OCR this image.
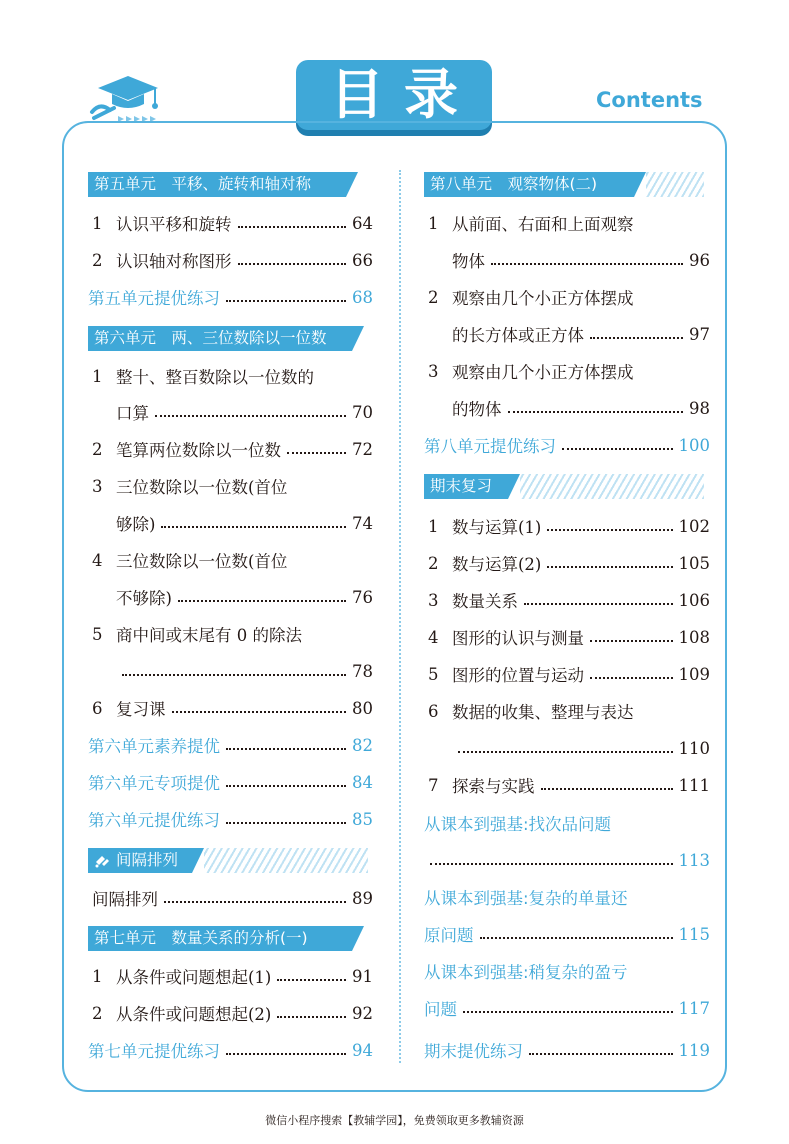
目录	Contents
第五单元　平移、旋转和轴对称
1 认识平移和旋转	64
2 认识轴对称图形	66
第五单元提优练习	68
第六单元　两、三位数除以一位数
1 整十、整百数除以一位数的
口算	70
2 笔算两位数除以一位数	72
3 三位数除以一位数(首位
够除)	74
4 三位数除以一位数(首位
不够除)	76
5 商中间或末尾有 0 的除法
78
6 复习课	80
第六单元素养提优	82
第六单元专项提优	84
第六单元提优练习	85
间隔排列
间隔排列	89
第七单元　数量关系的分析(一)
1 从条件或问题想起(1)	91
2 从条件或问题想起(2)	92
第七单元提优练习	94
第八单元　观察物体(二)
1 从前面、右面和上面观察
物体	96
2 观察由几个小正方体摆成
的长方体或正方体	97
3 观察由几个小正方体摆成
的物体	98
第八单元提优练习	100
期末复习
1 数与运算(1)	102
2 数与运算(2)	105
3 数量关系	106
4 图形的认识与测量	108
5 图形的位置与运动	109
6 数据的收集、整理与表达
110
7 探索与实践	111
从课本到强基:找次品问题
113
从课本到强基:复杂的单量还
原问题	115
从课本到强基:稍复杂的盈亏
问题	117
期末提优练习	119
微信小程序搜索【教辅学园】，免费领取更多教辅资源
